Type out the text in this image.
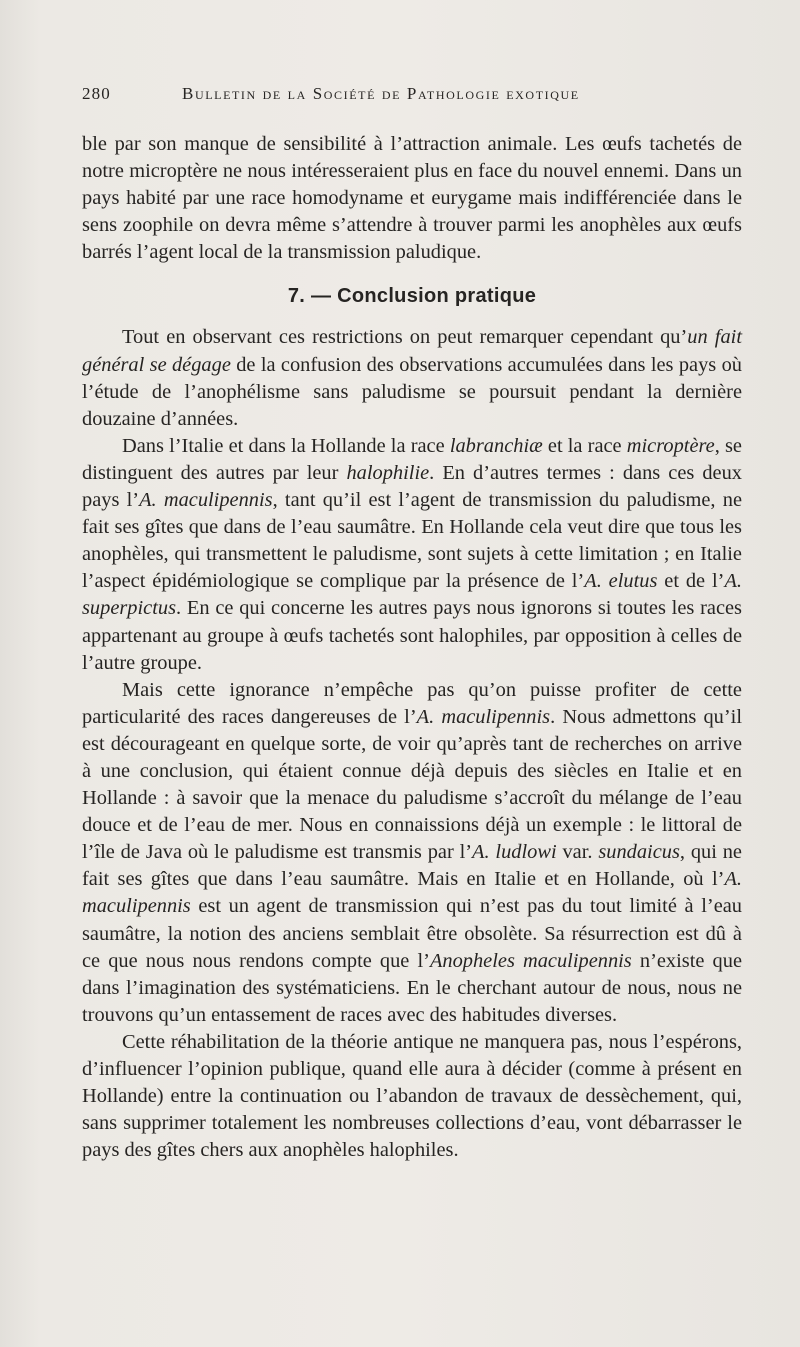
280	Bulletin de la Société de Pathologie exotique

ble par son manque de sensibilité à l’attraction animale. Les œufs tachetés de notre microptère ne nous intéresseraient plus en face du nouvel ennemi. Dans un pays habité par une race homodyname et eurygame mais indifférenciée dans le sens zoophile on devra même s’attendre à trouver parmi les anophèles aux œufs barrés l’agent local de la transmission paludique.

7. — Conclusion pratique

Tout en observant ces restrictions on peut remarquer cependant qu’un fait général se dégage de la confusion des observations accumulées dans les pays où l’étude de l’anophélisme sans paludisme se poursuit pendant la dernière douzaine d’années.

Dans l’Italie et dans la Hollande la race labranchiæ et la race microptère, se distinguent des autres par leur halophilie. En d’autres termes : dans ces deux pays l’A. maculipennis, tant qu’il est l’agent de transmission du paludisme, ne fait ses gîtes que dans de l’eau saumâtre. En Hollande cela veut dire que tous les anophèles, qui transmettent le paludisme, sont sujets à cette limitation ; en Italie l’aspect épidémiologique se complique par la présence de l’A. elutus et de l’A. superpictus. En ce qui concerne les autres pays nous ignorons si toutes les races appartenant au groupe à œufs tachetés sont halophiles, par opposition à celles de l’autre groupe.

Mais cette ignorance n’empêche pas qu’on puisse profiter de cette particularité des races dangereuses de l’A. maculipennis. Nous admettons qu’il est décourageant en quelque sorte, de voir qu’après tant de recherches on arrive à une conclusion, qui étaient connue déjà depuis des siècles en Italie et en Hollande : à savoir que la menace du paludisme s’accroît du mélange de l’eau douce et de l’eau de mer. Nous en connaissions déjà un exemple : le littoral de l’île de Java où le paludisme est transmis par l’A. ludlowi var. sundaicus, qui ne fait ses gîtes que dans l’eau saumâtre. Mais en Italie et en Hollande, où l’A. maculipennis est un agent de transmission qui n’est pas du tout limité à l’eau saumâtre, la notion des anciens semblait être obsolète. Sa résurrection est dû à ce que nous nous rendons compte que l’Anopheles maculipennis n’existe que dans l’imagination des systématiciens. En le cherchant autour de nous, nous ne trouvons qu’un entassement de races avec des habitudes diverses.

Cette réhabilitation de la théorie antique ne manquera pas, nous l’espérons, d’influencer l’opinion publique, quand elle aura à décider (comme à présent en Hollande) entre la continuation ou l’abandon de travaux de dessèchement, qui, sans supprimer totalement les nombreuses collections d’eau, vont débarrasser le pays des gîtes chers aux anophèles halophiles.
